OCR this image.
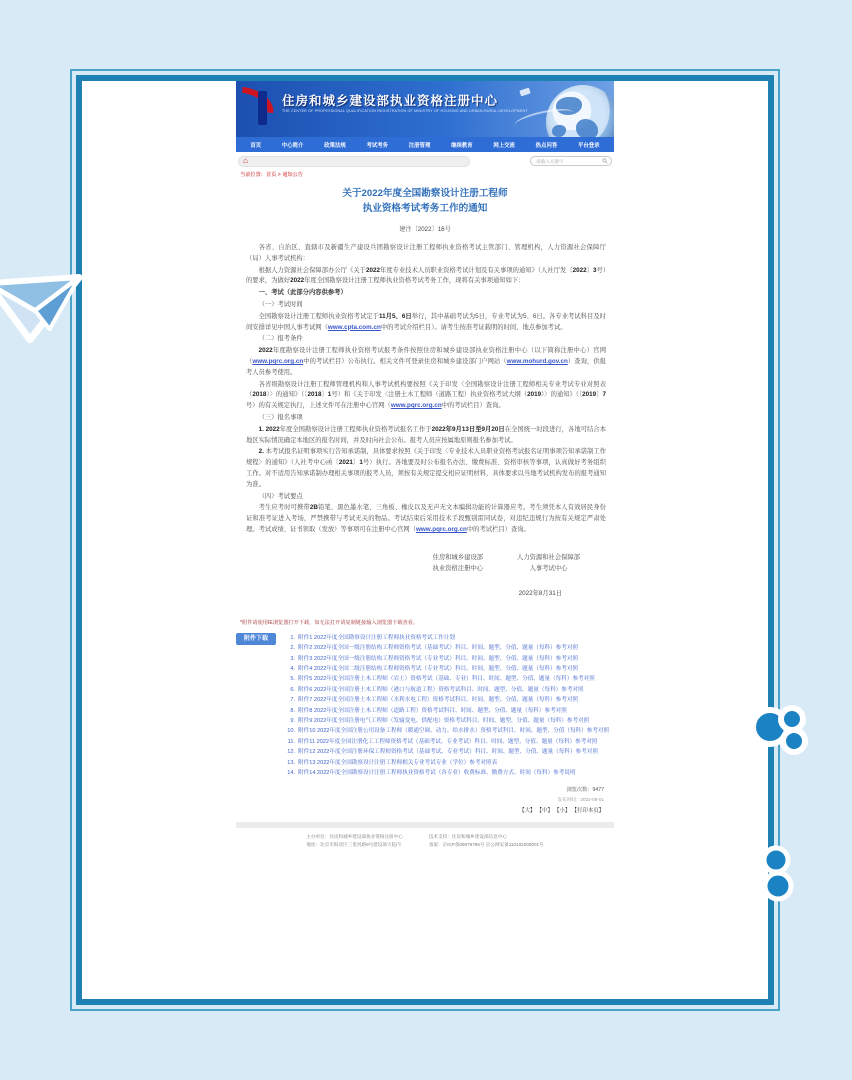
住房和城乡建设部执业资格注册中心
THE CENTER OF PROFESSIONAL QUALIFICATION REGISTRATION OF MINISTRY OF HOUSING AND URBAN-RURAL DEVELOPMENT
首页	中心简介	政策法规	考试考务	注册管理	继续教育	网上交流	热点问答	平台登录
⌂
请输入关键字
当前位置：首页 > 通知公告
关于2022年度全国勘察设计注册工程师
执业资格考试考务工作的通知
建注〔2022〕16号
各省、自治区、直辖市及新疆生产建设兵团勘察设计注册工程师执业资格考试主管部门、管理机构，人力资源社会保障厅（局）人事考试机构：
根据人力资源社会保障部办公厅《关于2022年度专业技术人员职业资格考试计划及有关事项的通知》（人社厅发〔2022〕3号）的要求，为做好2022年度全国勘察设计注册工程师执业资格考试考务工作，现将有关事项通知如下：
一、考试（此部分内容供参考）
（一）考试时间
全国勘察设计注册工程师执业资格考试定于11月5、6日举行，其中基础考试为5日，专业考试为5、6日。各专业考试科目及时间安排详见中国人事考试网（www.cpta.com.cn中的考试介绍栏目）。请考生按准考证载明的时间、地点参加考试。
（二）报考条件
2022年度勘察设计注册工程师执业资格考试报考条件按照住房和城乡建设部执业资格注册中心（以下简称注册中心）官网（www.pqrc.org.cn中的考试栏目）公布执行。相关文件可登录住房和城乡建设部门户网站（www.mohurd.gov.cn）查询，供报考人员参考使用。
各省级勘察设计注册工程师管理机构和人事考试机构要按照《关于印发〈全国勘察设计注册工程师相关专业考试专业对照表（2018）〉的通知》（〔2018〕1号）和《关于印发〈注册土木工程师（道路工程）执业资格考试大纲（2019）〉的通知》（〔2019〕7号）的有关规定执行，上述文件可在注册中心官网（www.pqrc.org.cn中的考试栏目）查询。
（三）报名事项
1. 2022年度全国勘察设计注册工程师执业资格考试报名工作于2022年9月13日至9月20日在全国统一时段进行，各地可结合本地区实际情况确定本地区的报名时间，并及时向社会公布。报考人员应按属地原则报名参加考试。
2. 本考试报名证明事项实行告知承诺制，具体要求按照《关于印发〈专业技术人员职业资格考试报名证明事项告知承诺制工作规程〉的通知》（人社考中心函〔2021〕1号）执行。各地要及时公布报名办法、缴费标准、资格审核等事项，认真做好考务组织工作。对不适用告知承诺制办理相关事项的报考人员，须按有关规定提交相应证明材料，具体要求以当地考试机构发布的报考通知为准。
（四）考试要点
考生应考时可携带2B铅笔、黑色墨水笔、三角板、橡皮以及无声无文本编辑功能的计算器应考。考生须凭本人有效居民身份证和准考证进入考场，严禁携带与考试无关的物品。考试结束后采用技术手段甄别雷同试卷，对违纪违规行为按有关规定严肃处理。考试成绩、证书领取（发放）等事项可在注册中心官网（www.pqrc.org.cn中的考试栏目）查询。
住房和城乡建设部
执业资格注册中心
人力资源和社会保障部
人事考试中心
2022年8月31日
*附件请使用IE浏览器打开下载，如无法打开请复制链接输入浏览器下载查看。
附件下载	1. 附件1 2022年度全国勘察设计注册工程师执业资格考试工作计划
2. 附件2 2022年度全国一级注册结构工程师资格考试（基础考试）科目、时间、题型、分值、题量（每科）参考对照
3. 附件3 2022年度全国一级注册结构工程师资格考试（专业考试）科目、时间、题型、分值、题量（每科）参考对照
4. 附件4 2022年度全国二级注册结构工程师资格考试（专业考试）科目、时间、题型、分值、题量（每科）参考对照
5. 附件5 2022年度全国注册土木工程师（岩土）资格考试（基础、专业）科目、时间、题型、分值、题量（每科）参考对照
6. 附件6 2022年度全国注册土木工程师（港口与航道工程）资格考试科目、时间、题型、分值、题量（每科）参考对照
7. 附件7 2022年度全国注册土木工程师（水利水电工程）资格考试科目、时间、题型、分值、题量（每科）参考对照
8. 附件8 2022年度全国注册土木工程师（道路工程）资格考试科目、时间、题型、分值、题量（每科）参考对照
9. 附件9 2022年度全国注册电气工程师（发输变电、供配电）资格考试科目、时间、题型、分值、题量（每科）参考对照
10. 附件10 2022年度全国注册公用设备工程师（暖通空调、动力、给水排水）资格考试科目、时间、题型、分值（每科）参考对照
11. 附件11 2022年度全国注册化工工程师资格考试（基础考试、专业考试）科目、时间、题型、分值、题量（每科）参考对照
12. 附件12 2022年度全国注册环保工程师资格考试（基础考试、专业考试）科目、时间、题型、分值、题量（每科）参考对照
13. 附件13 2022年度全国勘察设计注册工程师相关专业考试专业（学位）参考对照表
14. 附件14 2022年度全国勘察设计注册工程师执业资格考试（各专业）收费标准、缴费方式、时间（每科）参考说明
浏览次数：9477
发布时间：2022-09-01
【大】 【中】 【小】 【打印本页】
主办单位：住房和城乡建设部执业资格注册中心
地址：北京市海淀区三里河路9号建设部大院内
技术支持：住房和城乡建设部信息中心
备案：京ICP备09078796号 京公网安备110102000001号
